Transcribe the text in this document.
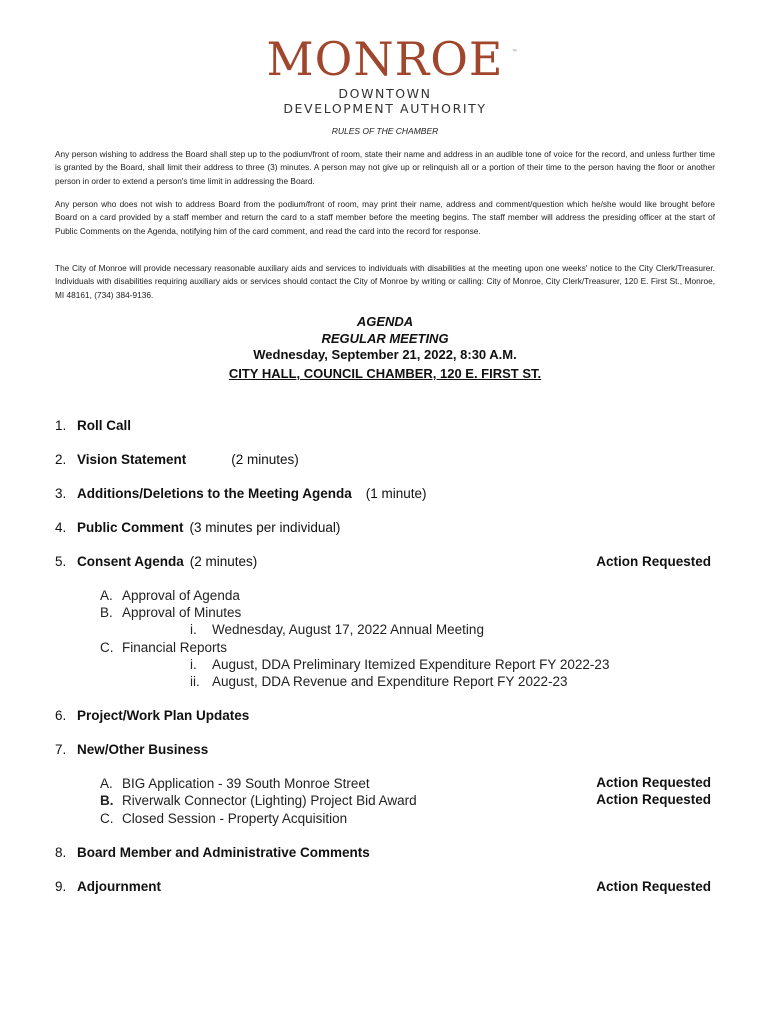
MONROE ™
DOWNTOWN
DEVELOPMENT AUTHORITY
RULES OF THE CHAMBER

Any person wishing to address the Board shall step up to the podium/front of room, state their name and address in an audible tone of voice for the record, and unless further time is granted by the Board, shall limit their address to three (3) minutes. A person may not give up or relinquish all or a portion of their time to the person having the floor or another person in order to extend a person's time limit in addressing the Board.

Any person who does not wish to address Board from the podium/front of room, may print their name, address and comment/question which he/she would like brought before Board on a card provided by a staff member and return the card to a staff member before the meeting begins. The staff member will address the presiding officer at the start of Public Comments on the Agenda, notifying him of the card comment, and read the card into the record for response.

The City of Monroe will provide necessary reasonable auxiliary aids and services to individuals with disabilities at the meeting upon one weeks' notice to the City Clerk/Treasurer. Individuals with disabilities requiring auxiliary aids or services should contact the City of Monroe by writing or calling: City of Monroe, City Clerk/Treasurer, 120 E. First St., Monroe, MI 48161, (734) 384-9136.

AGENDA
REGULAR MEETING
Wednesday, September 21, 2022, 8:30 A.M.
CITY HALL, COUNCIL CHAMBER, 120 E. FIRST ST.
1. Roll Call
2. Vision Statement	(2 minutes)
3. Additions/Deletions to the Meeting Agenda (1 minute)
4. Public Comment (3 minutes per individual)
5. Consent Agenda (2 minutes)	Action Requested
A. Approval of Agenda
B. Approval of Minutes
i. Wednesday, August 17, 2022 Annual Meeting
C. Financial Reports
i. August, DDA Preliminary Itemized Expenditure Report FY 2022-23
ii. August, DDA Revenue and Expenditure Report FY 2022-23
6. Project/Work Plan Updates
7. New/Other Business
A. BIG Application - 39 South Monroe Street	Action Requested
B. Riverwalk Connector (Lighting) Project Bid Award	Action Requested
C. Closed Session - Property Acquisition
8. Board Member and Administrative Comments
9. Adjournment	Action Requested
